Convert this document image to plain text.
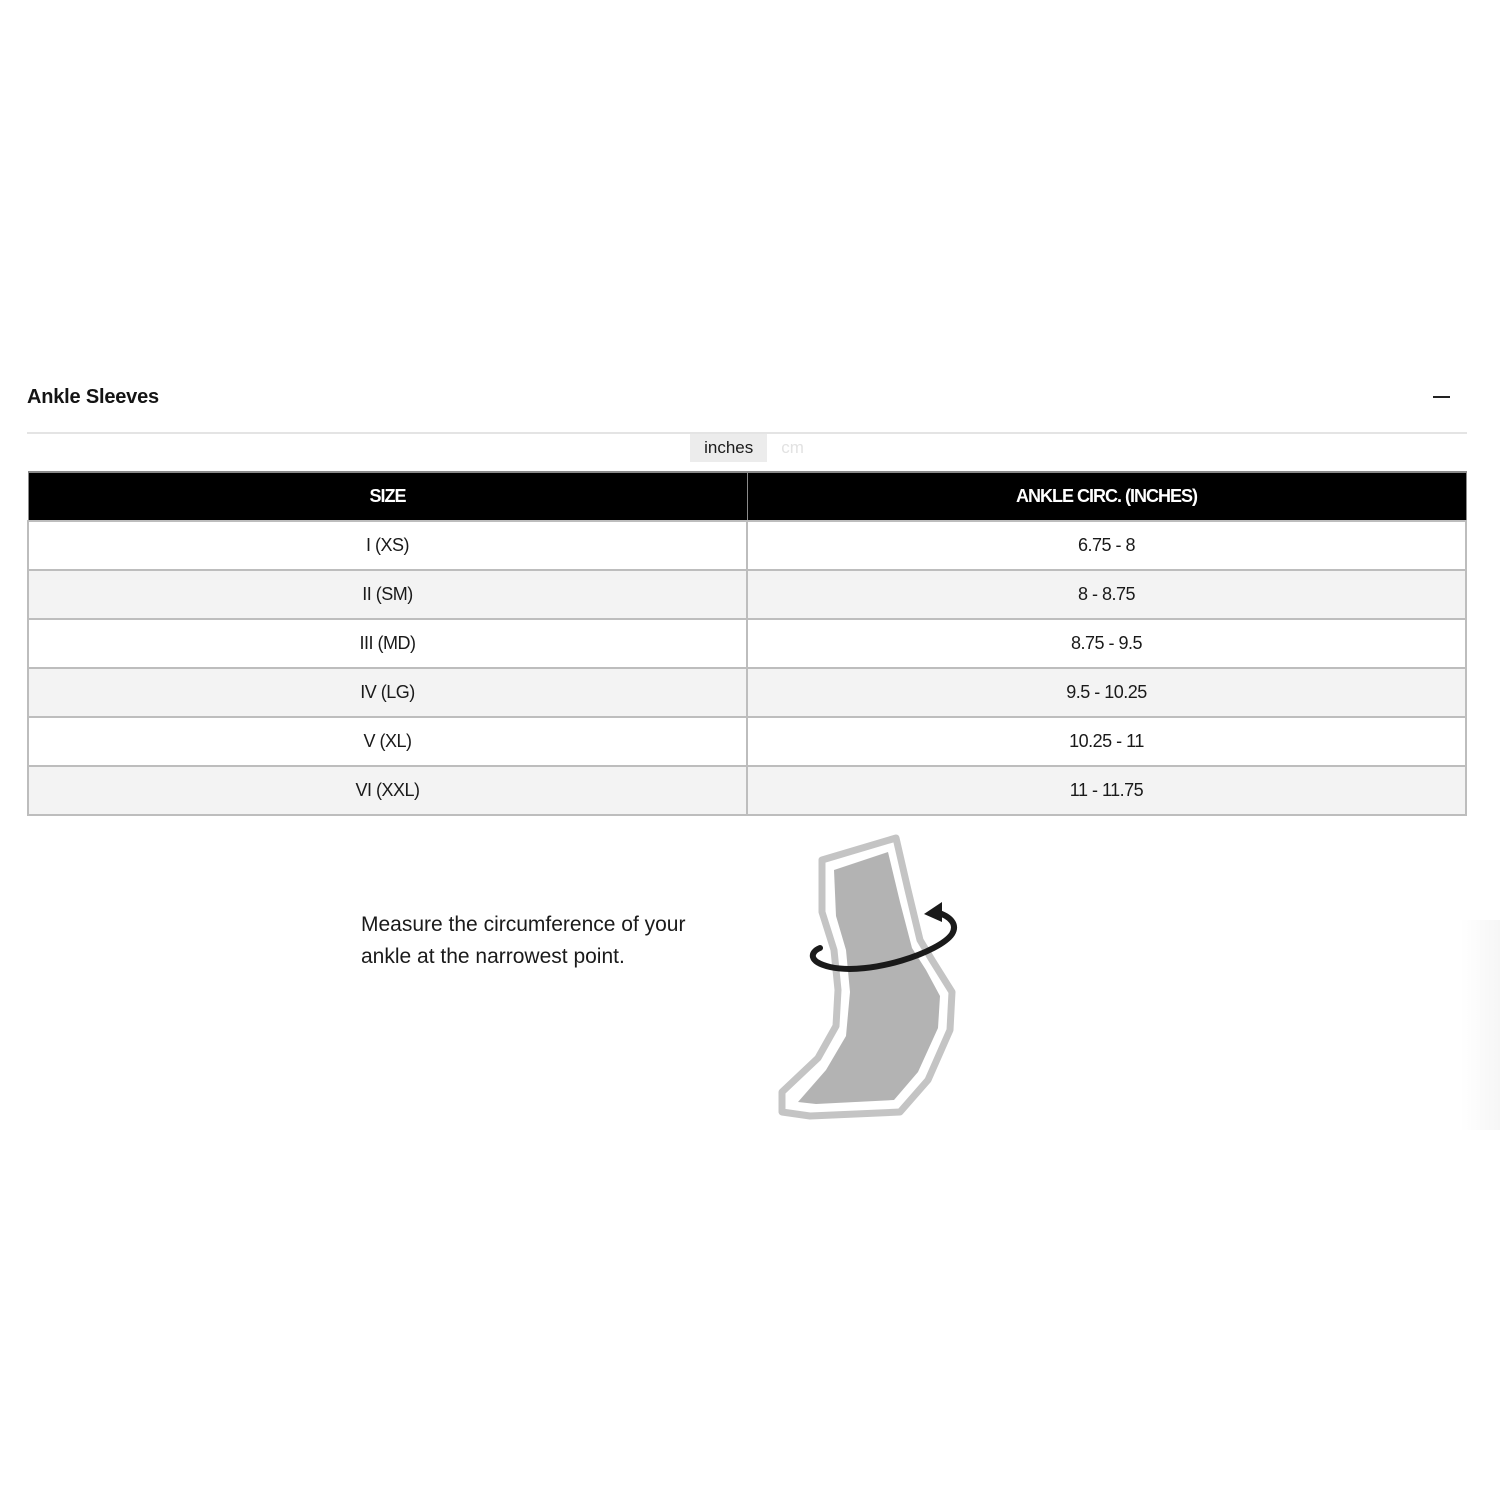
Ankle Sleeves
inches	cm
SIZE	ANKLE CIRC. (INCHES)
I (XS)	6.75 - 8
II (SM)	8 - 8.75
III (MD)	8.75 - 9.5
IV (LG)	9.5 - 10.25
V (XL)	10.25 - 11
VI (XXL)	11 - 11.75
Measure the circumference of your
ankle at the narrowest point.
